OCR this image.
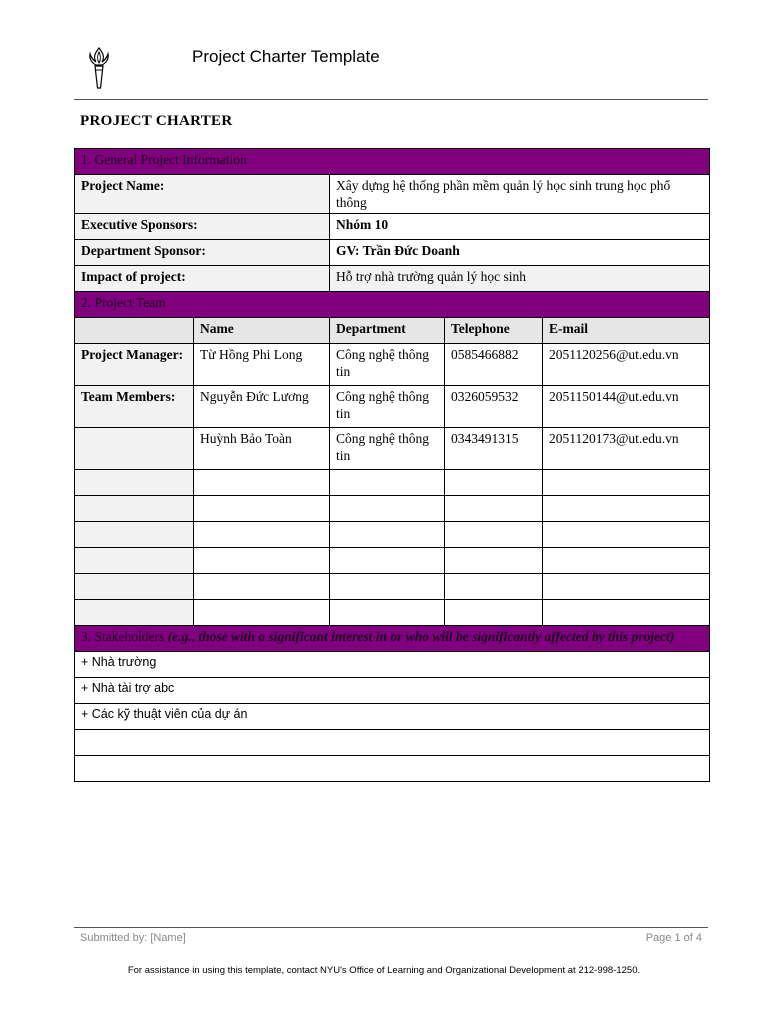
Project Charter Template
PROJECT CHARTER
1. General Project Information				
Project Name:		Xây dựng hệ thống phần mềm quản lý học sinh trung học phổ thông		
Executive Sponsors:		Nhóm 10		
Department Sponsor:		GV: Trần Đức Doanh		
Impact of project:		Hỗ trợ nhà trường quản lý học sinh		
2. Project Team				
	Name	Department	Telephone	E-mail
Project Manager:	Từ Hồng Phi Long	Công nghệ thông tin	0585466882	2051120256@ut.edu.vn
Team Members:	Nguyễn Đức Lương	Công nghệ thông tin	0326059532	2051150144@ut.edu.vn
	Huỳnh Bảo Toàn	Công nghệ thông tin	0343491315	2051120173@ut.edu.vn

3. Stakeholders (e.g., those with a significant interest in or who will be significantly affected by this project)				
+ Nhà trường				
+ Nhà tài trợ abc				
+ Các kỹ thuật viên của dự án				

Submitted by: [Name]	Page 1 of 4
For assistance in using this template, contact NYU's Office of Learning and Organizational Development at 212-998-1250.
